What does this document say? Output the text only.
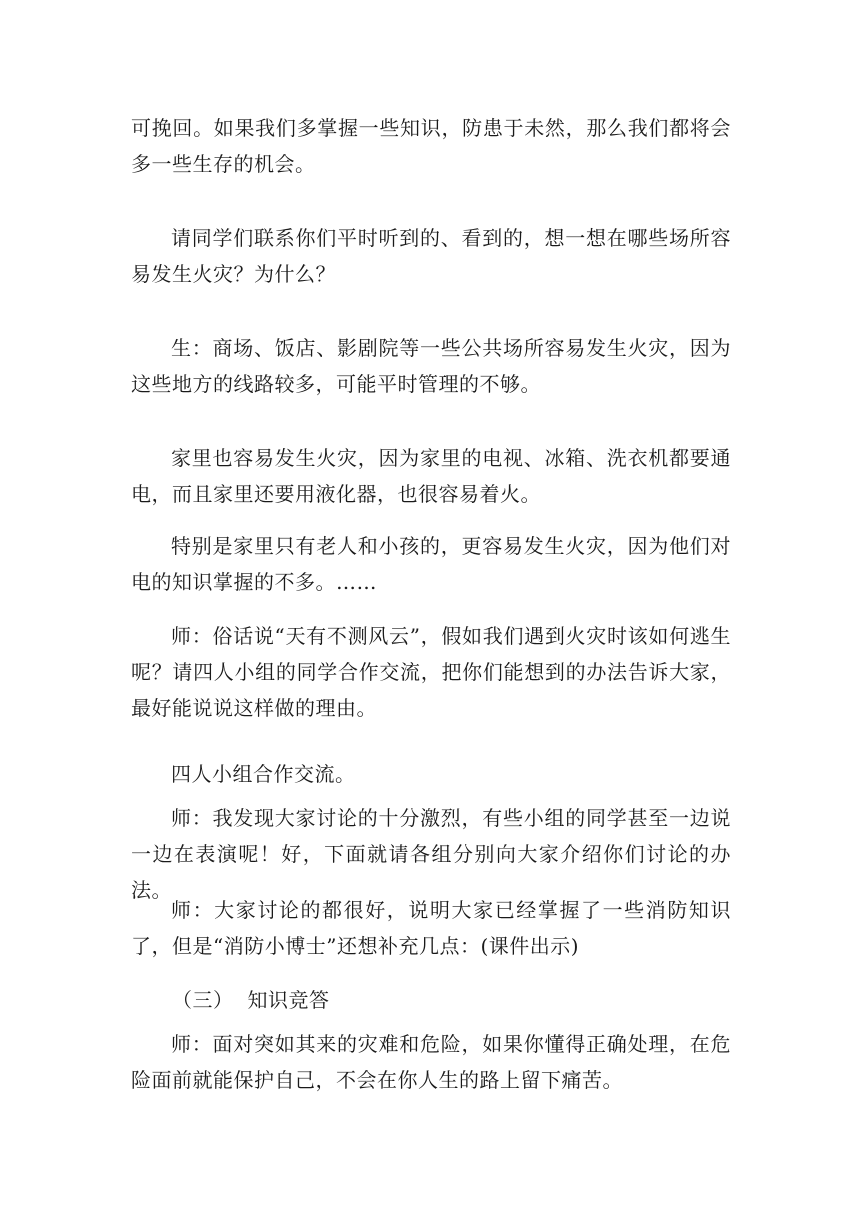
可挽回。如果我们多掌握一些知识，防患于未然，那么我们都将会多一些生存的机会。

请同学们联系你们平时听到的、看到的，想一想在哪些场所容易发生火灾？为什么？

生：商场、饭店、影剧院等一些公共场所容易发生火灾，因为这些地方的线路较多，可能平时管理的不够。

家里也容易发生火灾，因为家里的电视、冰箱、洗衣机都要通电，而且家里还要用液化器，也很容易着火。

特别是家里只有老人和小孩的，更容易发生火灾，因为他们对电的知识掌握的不多。……

师：俗话说“天有不测风云”，假如我们遇到火灾时该如何逃生呢？请四人小组的同学合作交流，把你们能想到的办法告诉大家，最好能说说这样做的理由。

四人小组合作交流。

师：我发现大家讨论的十分激烈，有些小组的同学甚至一边说一边在表演呢！好，下面就请各组分别向大家介绍你们讨论的办法。

师：大家讨论的都很好，说明大家已经掌握了一些消防知识了，但是“消防小博士”还想补充几点：(课件出示)

（三） 知识竞答

师：面对突如其来的灾难和危险，如果你懂得正确处理，在危险面前就能保护自己，不会在你人生的路上留下痛苦。
